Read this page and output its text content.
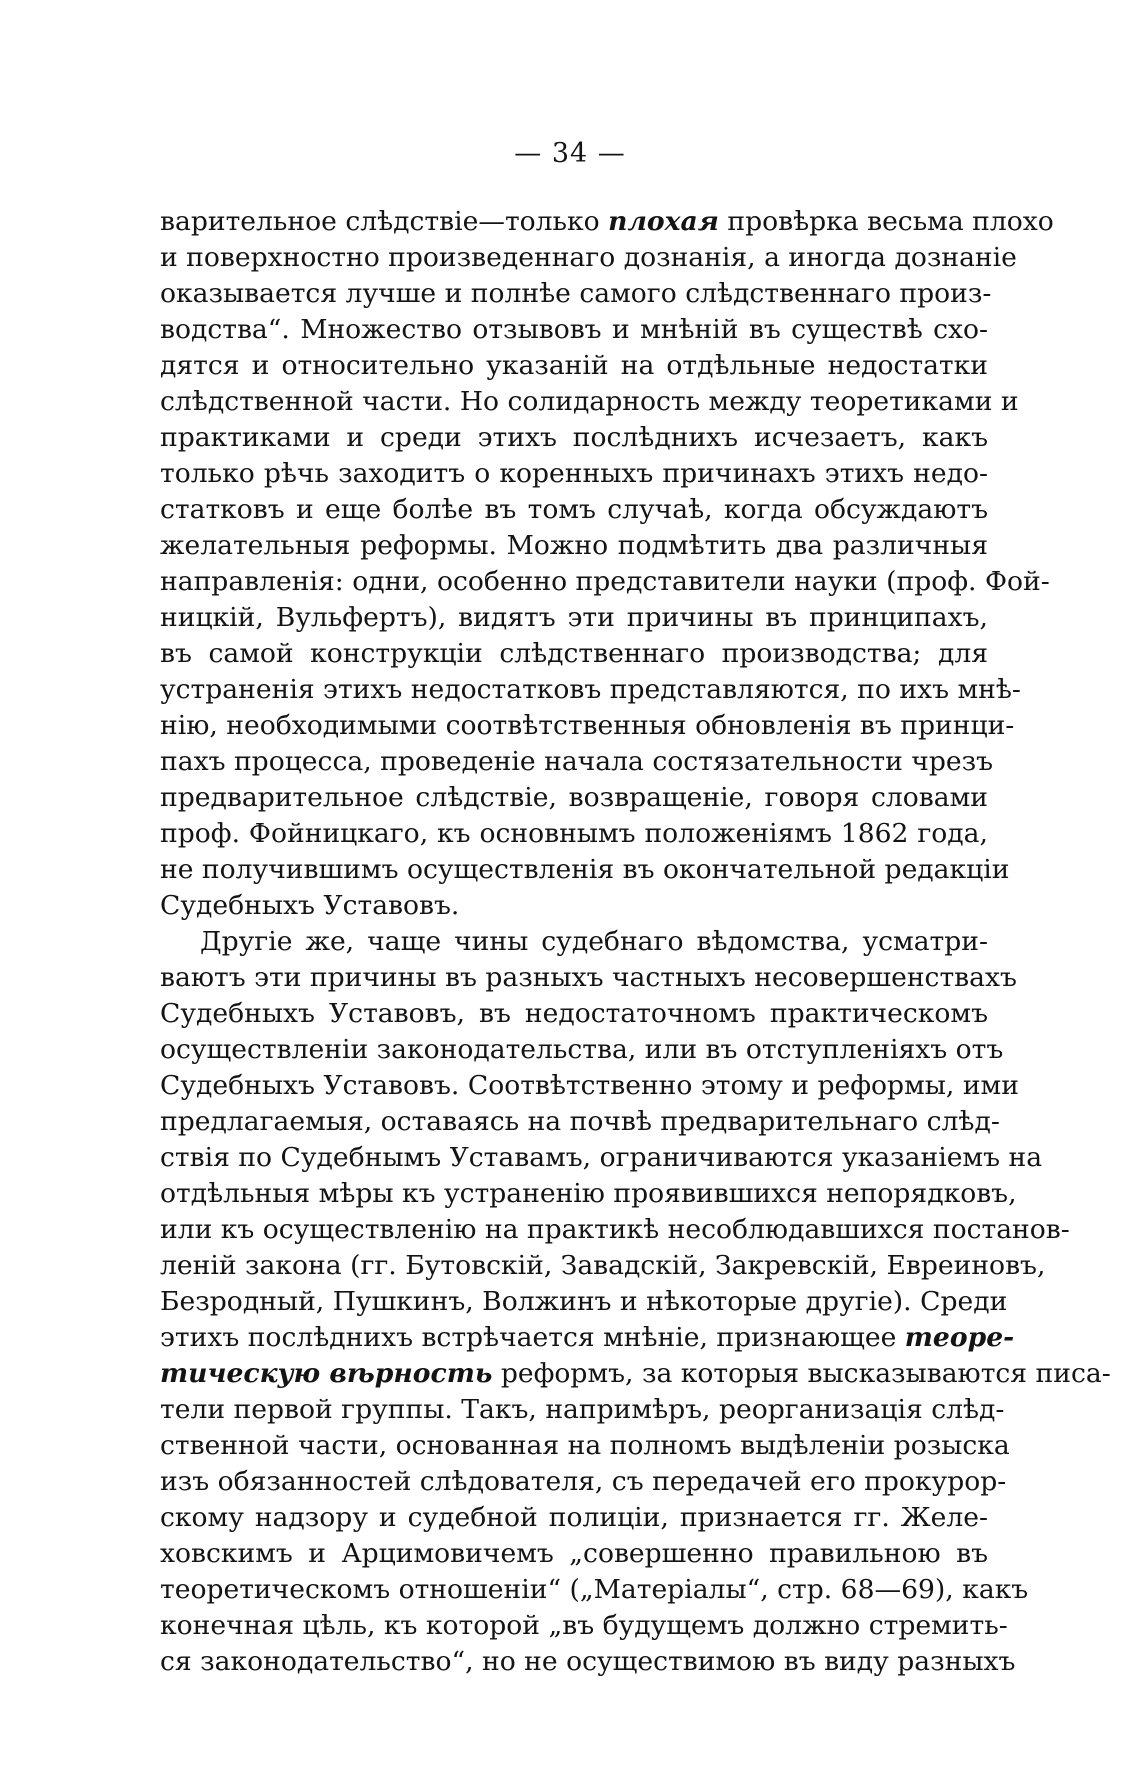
— 34 —
варительное слѣдствіе—только плохая провѣрка весьма плохо
и поверхностно произведеннаго дознанія, а иногда дознаніе
оказывается лучше и полнѣе самого слѣдственнаго произ-
водства“. Множество отзывовъ и мнѣній въ существѣ схо-
дятся и относительно указаній на отдѣльные недостатки
слѣдственной части. Но солидарность между теоретиками и
практиками и среди этихъ послѣднихъ исчезаетъ, какъ
только рѣчь заходитъ о коренныхъ причинахъ этихъ недо-
статковъ и еще болѣе въ томъ случаѣ, когда обсуждаютъ
желательныя реформы. Можно подмѣтить два различныя
направленія: одни, особенно представители науки (проф. Фой-
ницкій, Вульфертъ), видятъ эти причины въ принципахъ,
въ самой конструкціи слѣдственнаго производства; для
устраненія этихъ недостатковъ представляются, по ихъ мнѣ-
нію, необходимыми соотвѣтственныя обновленія въ принци-
пахъ процесса, проведеніе начала состязательности чрезъ
предварительное слѣдствіе, возвращеніе, говоря словами
проф. Фойницкаго, къ основнымъ положеніямъ 1862 года,
не получившимъ осуществленія въ окончательной редакціи
Судебныхъ Уставовъ.
Другіе же, чаще чины судебнаго вѣдомства, усматри-
ваютъ эти причины въ разныхъ частныхъ несовершенствахъ
Судебныхъ Уставовъ, въ недостаточномъ практическомъ
осуществленіи законодательства, или въ отступленіяхъ отъ
Судебныхъ Уставовъ. Соотвѣтственно этому и реформы, ими
предлагаемыя, оставаясь на почвѣ предварительнаго слѣд-
ствія по Судебнымъ Уставамъ, ограничиваются указаніемъ на
отдѣльныя мѣры къ устраненію проявившихся непорядковъ,
или къ осуществленію на практикѣ несоблюдавшихся постанов-
леній закона (гг. Бутовскій, Завадскій, Закревскій, Евреиновъ,
Безродный, Пушкинъ, Волжинъ и нѣкоторые другіе). Среди
этихъ послѣднихъ встрѣчается мнѣніе, признающее теоре-
тическую вѣрность реформъ, за которыя высказываются писа-
тели первой группы. Такъ, напримѣръ, реорганизація слѣд-
ственной части, основанная на полномъ выдѣленіи розыска
изъ обязанностей слѣдователя, съ передачей его прокурор-
скому надзору и судебной полиціи, признается гг. Желе-
ховскимъ и Арцимовичемъ „совершенно правильною въ
теоретическомъ отношеніи“ („Матеріалы“, стр. 68—69), какъ
конечная цѣль, къ которой „въ будущемъ должно стремить-
ся законодательство“, но не осуществимою въ виду разныхъ
